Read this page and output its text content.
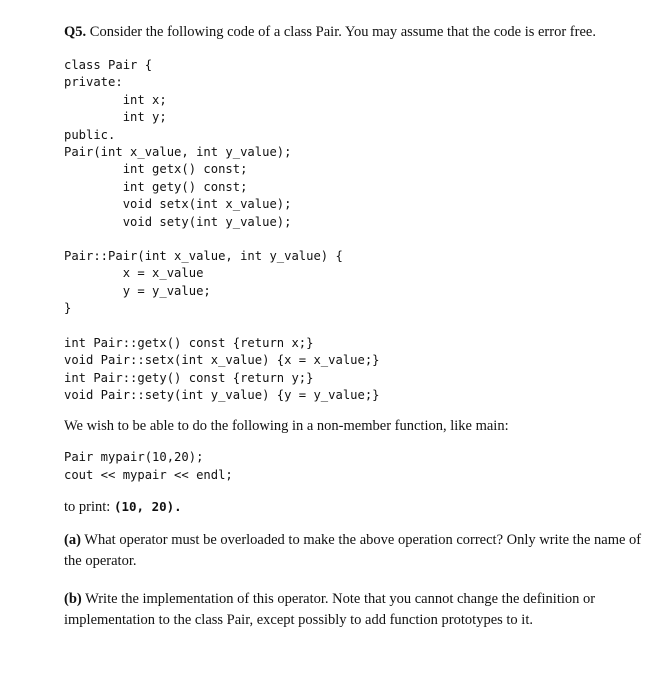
Q5. Consider the following code of a class Pair. You may assume that the code is error free.
class Pair {
private:
int x;
int y;
public.
Pair(int x_value, int y_value);
int getx() const;
int gety() const;
void setx(int x_value);
void sety(int y_value);
Pair::Pair(int x_value, int y_value) {
x = x_value
y = y_value;
}
int Pair::getx() const {return x;}
void Pair::setx(int x_value) {x = x_value;}
int Pair::gety() const {return y;}
void Pair::sety(int y_value) {y = y_value;}

We wish to be able to do the following in a non-member function, like main:

Pair mypair(10,20);
cout << mypair << endl;

to print: (10, 20).

(a) What operator must be overloaded to make the above operation correct? Only write the name of the operator.

(b) Write the implementation of this operator. Note that you cannot change the definition or implementation to the class Pair, except possibly to add function prototypes to it.
